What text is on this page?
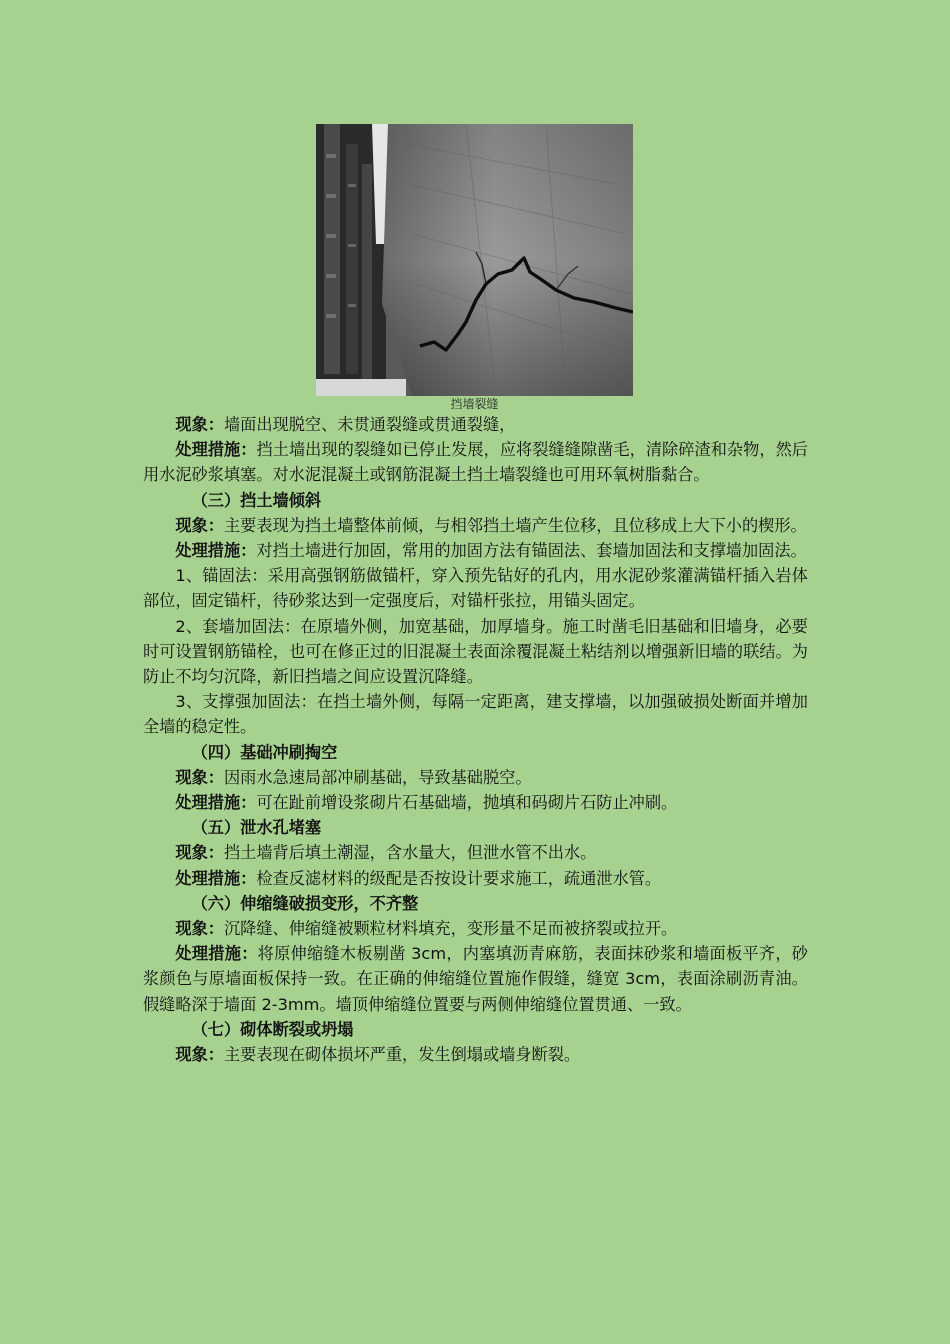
挡墙裂缝

现象：墙面出现脱空、未贯通裂缝或贯通裂缝，

处理措施：挡土墙出现的裂缝如已停止发展，应将裂缝缝隙凿毛，清除碎渣和杂物，然后用水泥砂浆填塞。对水泥混凝土或钢筋混凝土挡土墙裂缝也可用环氧树脂黏合。

（三）挡土墙倾斜

现象：主要表现为挡土墙整体前倾，与相邻挡土墙产生位移，且位移成上大下小的楔形。

处理措施：对挡土墙进行加固，常用的加固方法有锚固法、套墙加固法和支撑墙加固法。

1、锚固法：采用高强钢筋做锚杆，穿入预先钻好的孔内，用水泥砂浆灌满锚杆插入岩体部位，固定锚杆，待砂浆达到一定强度后，对锚杆张拉，用锚头固定。

2、套墙加固法：在原墙外侧，加宽基础，加厚墙身。施工时凿毛旧基础和旧墙身，必要时可设置钢筋锚栓，也可在修正过的旧混凝土表面涂覆混凝土粘结剂以增强新旧墙的联结。为防止不均匀沉降，新旧挡墙之间应设置沉降缝。

3、支撑强加固法：在挡土墙外侧，每隔一定距离，建支撑墙，以加强破损处断面并增加全墙的稳定性。

（四）基础冲刷掏空

现象：因雨水急速局部冲刷基础，导致基础脱空。

处理措施：可在趾前增设浆砌片石基础墙，抛填和码砌片石防止冲刷。

（五）泄水孔堵塞

现象：挡土墙背后填土潮湿，含水量大，但泄水管不出水。

处理措施：检查反滤材料的级配是否按设计要求施工，疏通泄水管。

（六）伸缩缝破损变形，不齐整

现象：沉降缝、伸缩缝被颗粒材料填充，变形量不足而被挤裂或拉开。

处理措施：将原伸缩缝木板剔凿 3cm，内塞填沥青麻筋，表面抹砂浆和墙面板平齐，砂浆颜色与原墙面板保持一致。在正确的伸缩缝位置施作假缝，缝宽 3cm，表面涂刷沥青油。假缝略深于墙面 2-3mm。墙顶伸缩缝位置要与两侧伸缩缝位置贯通、一致。

（七）砌体断裂或坍塌

现象：主要表现在砌体损坏严重，发生倒塌或墙身断裂。
